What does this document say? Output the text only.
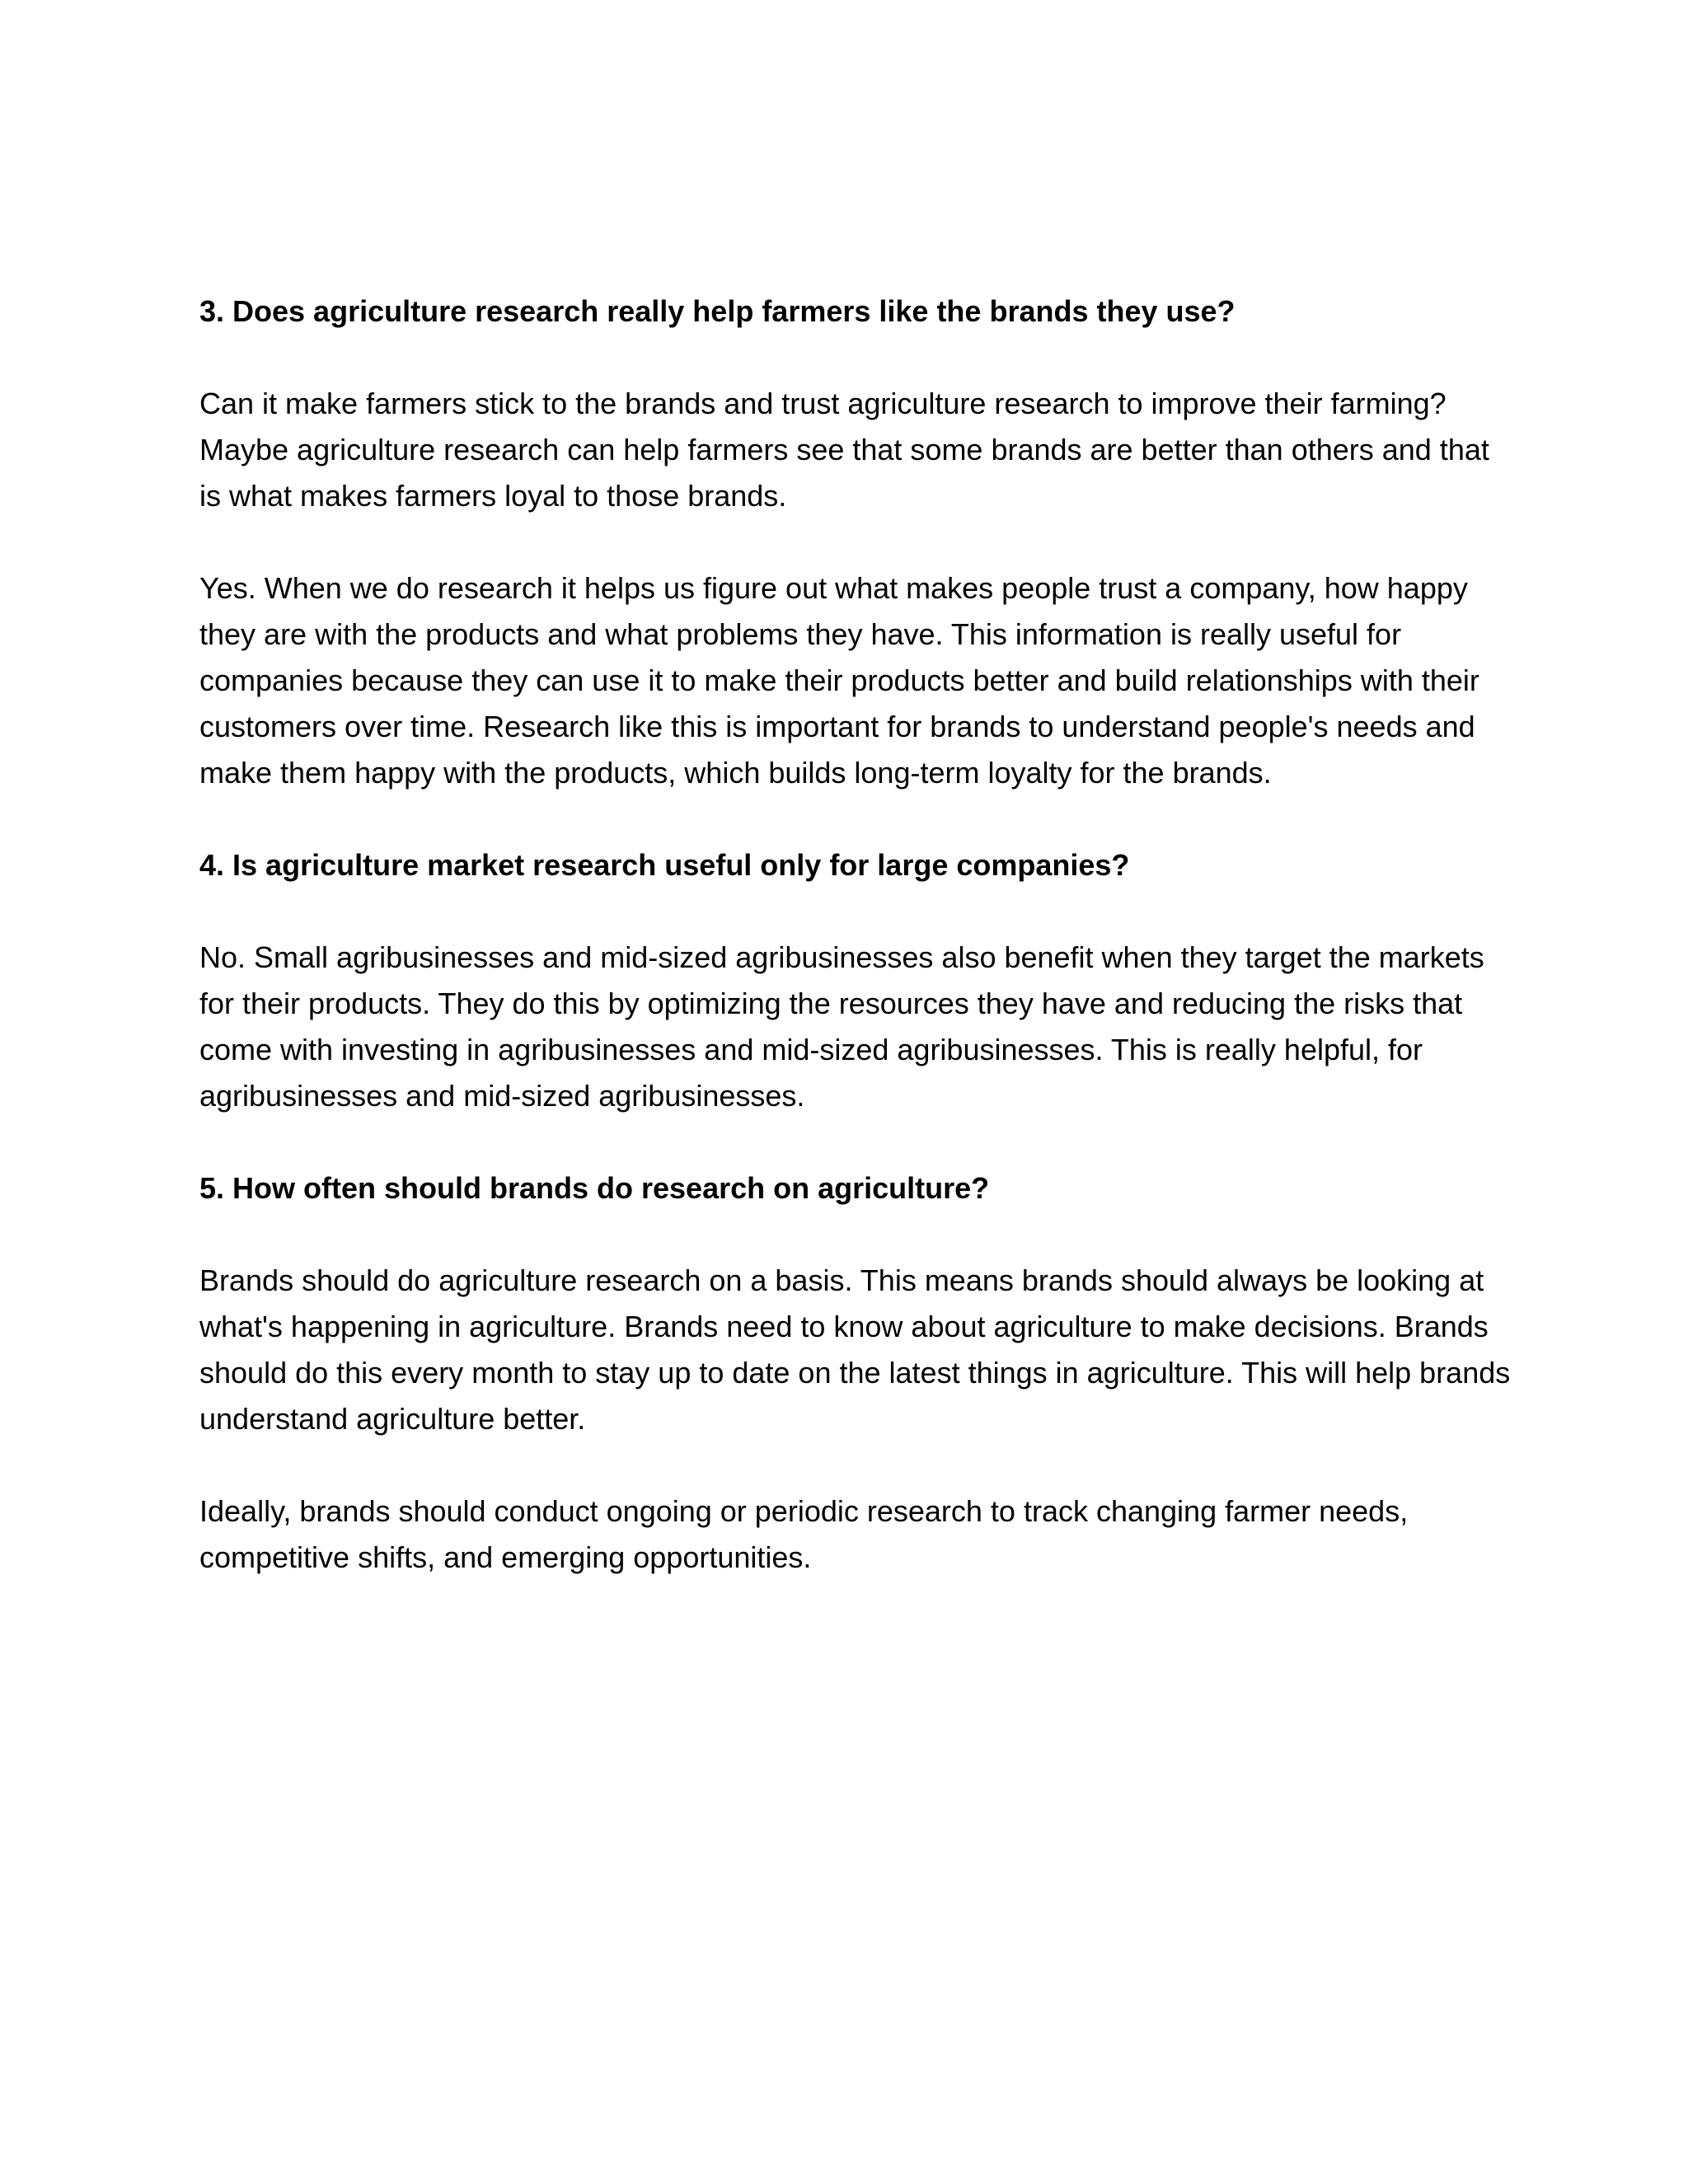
3. Does agriculture research really help farmers like the brands they use?

Can it make farmers stick to the brands and trust agriculture research to improve their farming? Maybe agriculture research can help farmers see that some brands are better than others and that is what makes farmers loyal to those brands.

Yes. When we do research it helps us figure out what makes people trust a company, how happy they are with the products and what problems they have. This information is really useful for companies because they can use it to make their products better and build relationships with their customers over time. Research like this is important for brands to understand people's needs and make them happy with the products, which builds long-term loyalty for the brands.

4. Is agriculture market research useful only for large companies?

No. Small agribusinesses and mid-sized agribusinesses also benefit when they target the markets for their products. They do this by optimizing the resources they have and reducing the risks that come with investing in agribusinesses and mid-sized agribusinesses. This is really helpful, for agribusinesses and mid-sized agribusinesses.

5. How often should brands do research on agriculture?

Brands should do agriculture research on a basis. This means brands should always be looking at what's happening in agriculture. Brands need to know about agriculture to make decisions. Brands should do this every month to stay up to date on the latest things in agriculture. This will help brands understand agriculture better.

Ideally, brands should conduct ongoing or periodic research to track changing farmer needs, competitive shifts, and emerging opportunities.
